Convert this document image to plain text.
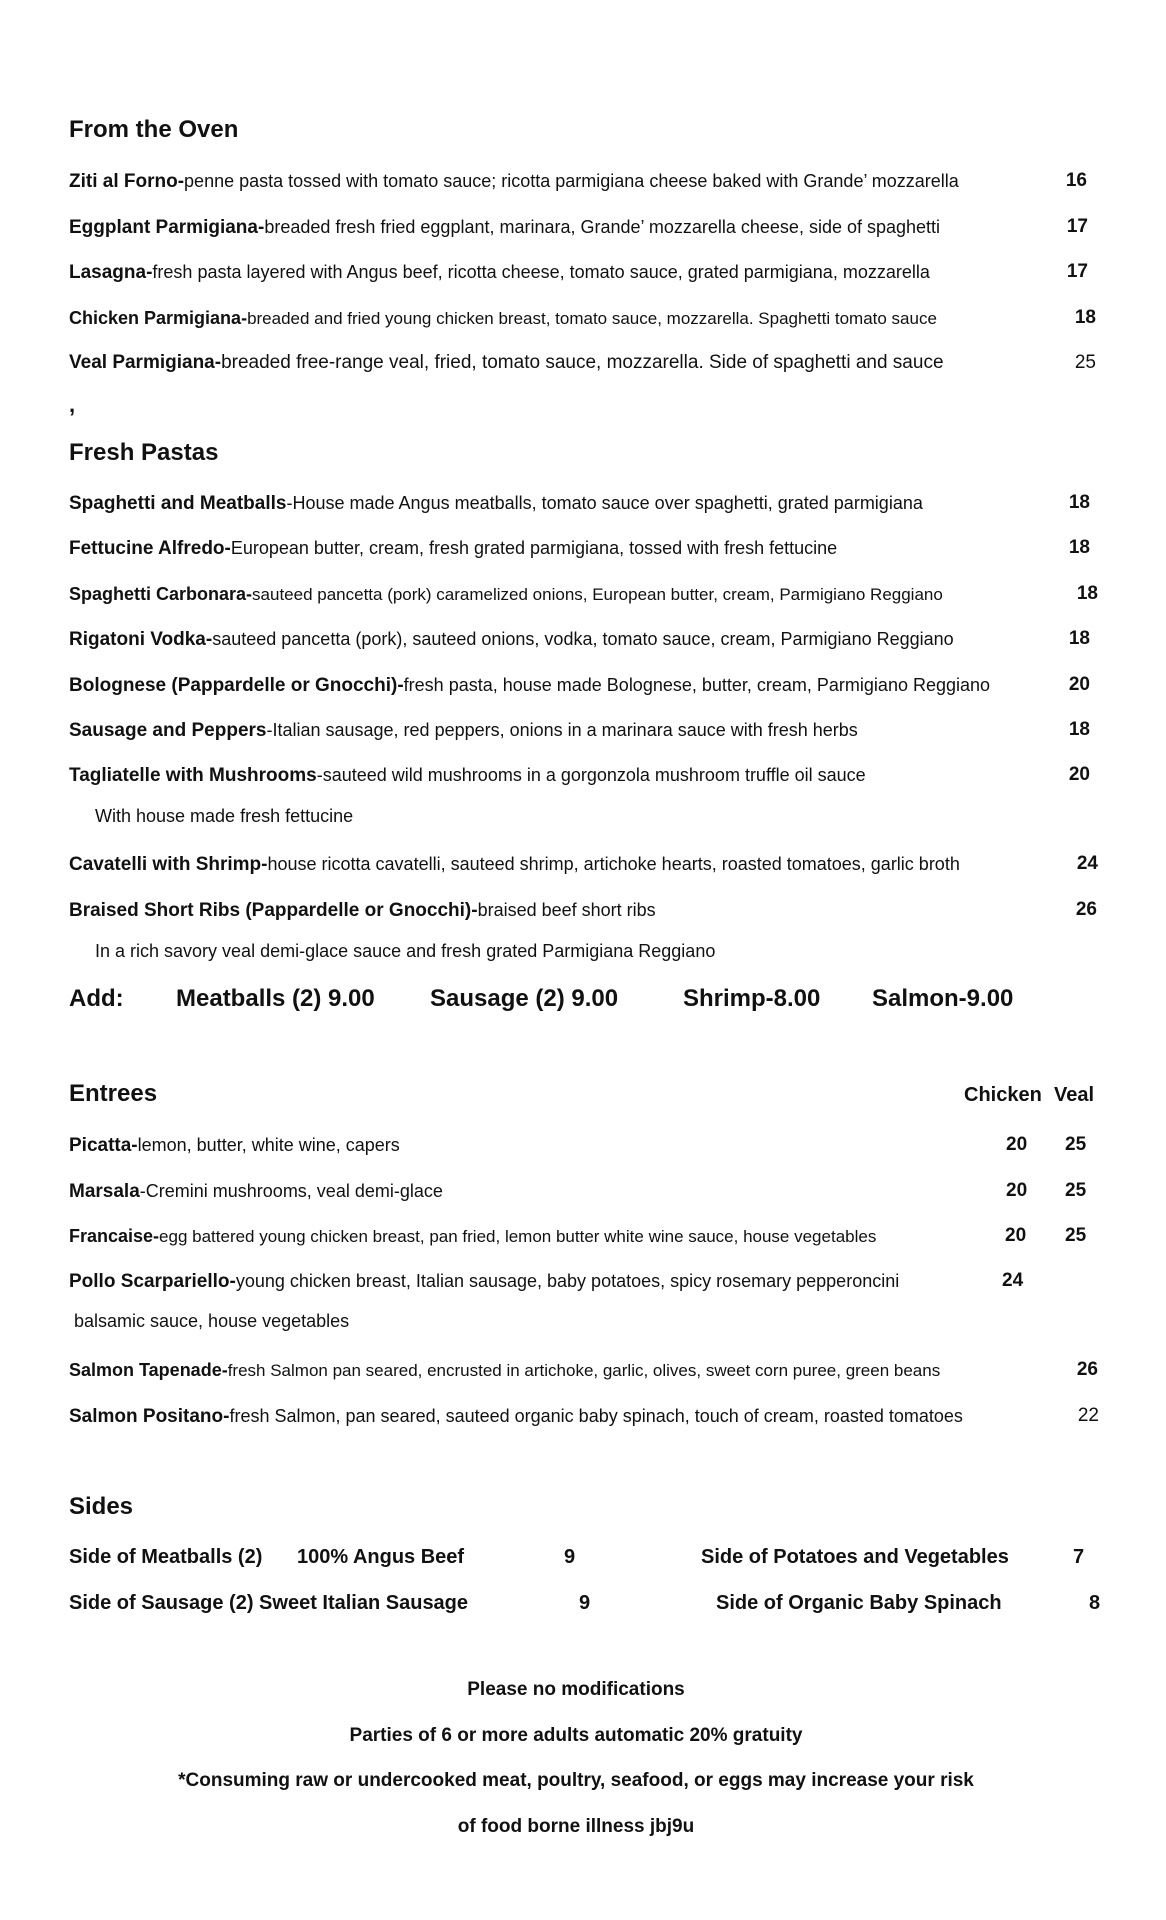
From the Oven
Ziti al Forno-penne pasta tossed with tomato sauce; ricotta parmigiana cheese baked with Grande’ mozzarella	16
Eggplant Parmigiana-breaded fresh fried eggplant, marinara, Grande’ mozzarella cheese, side of spaghetti	17
Lasagna-fresh pasta layered with Angus beef, ricotta cheese, tomato sauce, grated parmigiana, mozzarella	17
Chicken Parmigiana-breaded and fried young chicken breast, tomato sauce, mozzarella. Spaghetti tomato sauce	18
Veal Parmigiana-breaded free-range veal, fried, tomato sauce, mozzarella. Side of spaghetti and sauce	25
,
Fresh Pastas
Spaghetti and Meatballs-House made Angus meatballs, tomato sauce over spaghetti, grated parmigiana	18
Fettucine Alfredo-European butter, cream, fresh grated parmigiana, tossed with fresh fettucine	18
Spaghetti Carbonara-sauteed pancetta (pork) caramelized onions, European butter, cream, Parmigiano Reggiano	18
Rigatoni Vodka-sauteed pancetta (pork), sauteed onions, vodka, tomato sauce, cream, Parmigiano Reggiano	18
Bolognese (Pappardelle or Gnocchi)-fresh pasta, house made Bolognese, butter, cream, Parmigiano Reggiano	20
Sausage and Peppers-Italian sausage, red peppers, onions in a marinara sauce with fresh herbs	18
Tagliatelle with Mushrooms-sauteed wild mushrooms in a gorgonzola mushroom truffle oil sauce	20
With house made fresh fettucine
Cavatelli with Shrimp-house ricotta cavatelli, sauteed shrimp, artichoke hearts, roasted tomatoes, garlic broth	24
Braised Short Ribs (Pappardelle or Gnocchi)-braised beef short ribs	26
In a rich savory veal demi-glace sauce and fresh grated Parmigiana Reggiano
Add: Meatballs (2) 9.00 Sausage (2) 9.00	Shrimp-8.00 Salmon-9.00
Entrees	Chicken Veal
Picatta-lemon, butter, white wine, capers	20 25
Marsala-Cremini mushrooms, veal demi-glace	20 25
Francaise-egg battered young chicken breast, pan fried, lemon butter white wine sauce, house vegetables	20 25
Pollo Scarpariello-young chicken breast, Italian sausage, baby potatoes, spicy rosemary pepperoncini	24
balsamic sauce, house vegetables
Salmon Tapenade-fresh Salmon pan seared, encrusted in artichoke, garlic, olives, sweet corn puree, green beans	26
Salmon Positano-fresh Salmon, pan seared, sauteed organic baby spinach, touch of cream, roasted tomatoes	22
Sides
Side of Meatballs (2) 100% Angus Beef	9	Side of Potatoes and Vegetables	7
Side of Sausage (2) Sweet Italian Sausage	9	Side of Organic Baby Spinach	8
Please no modifications
Parties of 6 or more adults automatic 20% gratuity
*Consuming raw or undercooked meat, poultry, seafood, or eggs may increase your risk
of food borne illness jbj9u
